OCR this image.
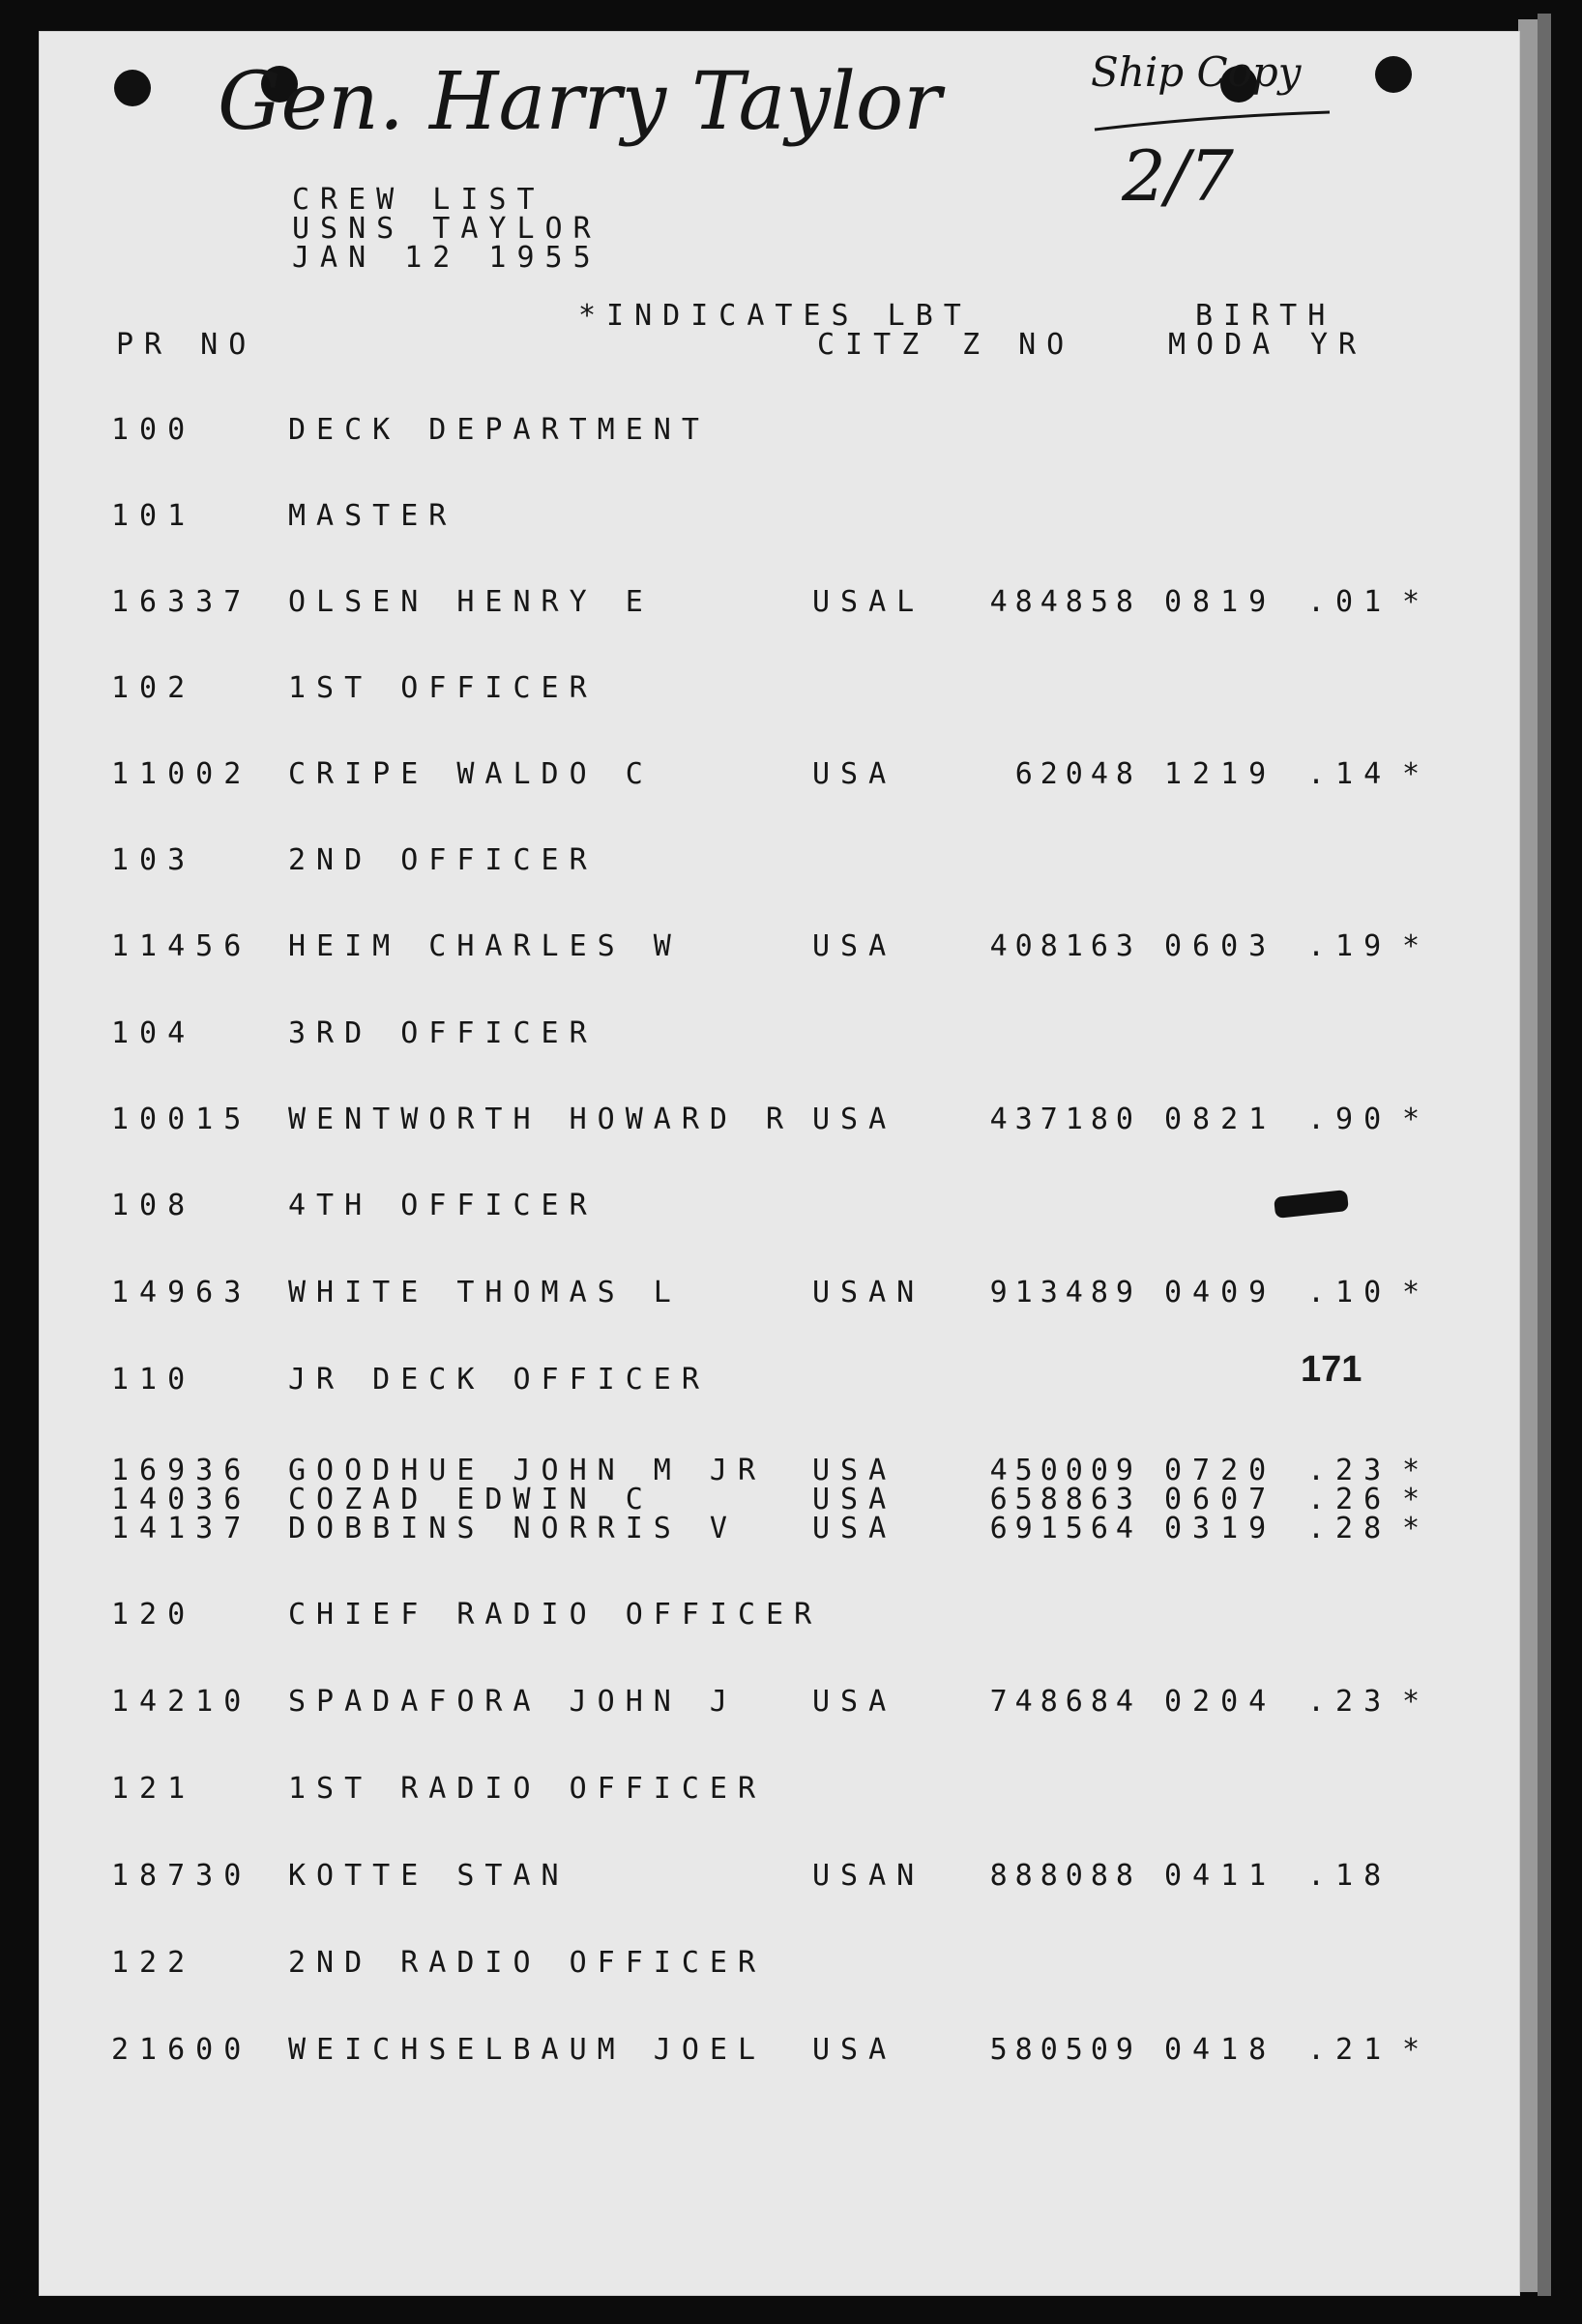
Gen. Harry Taylor	Ship Copy
2/7
CREW LIST
USNS TAYLOR
JAN 12 1955
*INDICATES LBT	BIRTH
PR NO	CITZ Z NO	MODA YR
171
100	DECK DEPARTMENT
101	MASTER
16337 OLSEN HENRY E	USAL 484858 0819 .01 *
102	1ST OFFICER
11002 CRIPE WALDO C	USA	62048 1219 .14 *
103	2ND OFFICER
11456 HEIM CHARLES W	USA	408163 0603 .19 *
104	3RD OFFICER
10015 WENTWORTH HOWARD R USA	437180 0821 .90 *
108	4TH OFFICER
14963 WHITE THOMAS L	USAN 913489 0409 .10 *
110	JR DECK OFFICER
16936 GOODHUE JOHN M JR USA	450009 0720 .23 *
14036 COZAD EDWIN C	USA	658863 0607 .26 *
14137 DOBBINS NORRIS V	USA	691564 0319 .28 *
120	CHIEF RADIO OFFICER
14210 SPADAFORA JOHN J	USA	748684 0204 .23 *
121	1ST RADIO OFFICER
18730 KOTTE STAN	USAN 888088 0411 .18
122	2ND RADIO OFFICER
21600 WEICHSELBAUM JOEL USA	580509 0418 .21 *
